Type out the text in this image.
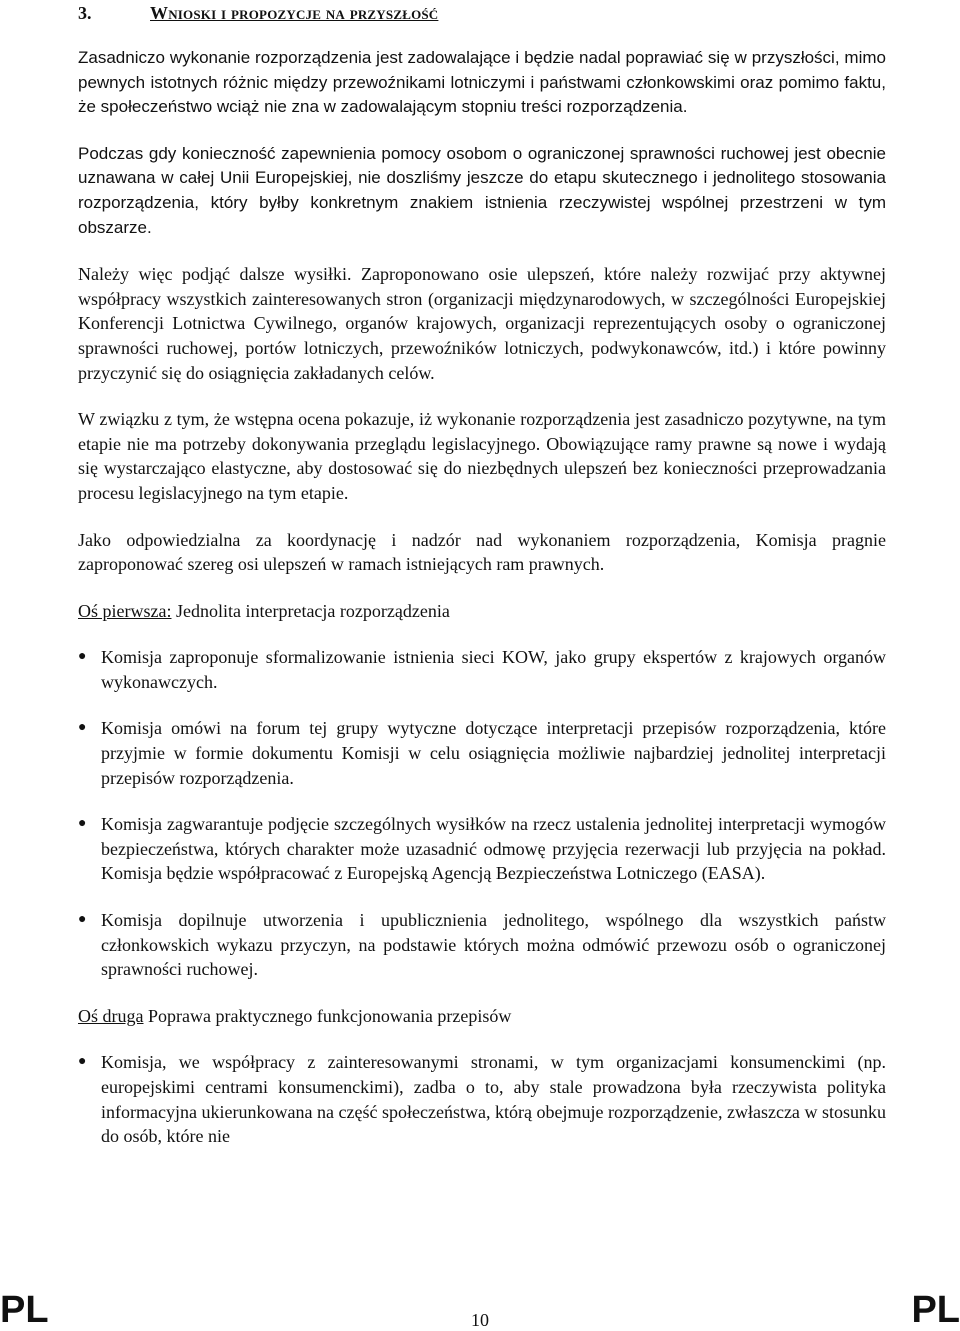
3.	Wnioski i propozycje na przyszłość

Zasadniczo wykonanie rozporządzenia jest zadowalające i będzie nadal poprawiać się w przyszłości, mimo pewnych istotnych różnic między przewoźnikami lotniczymi i państwami członkowskimi oraz pomimo faktu, że społeczeństwo wciąż nie zna w zadowalającym stopniu treści rozporządzenia.

Podczas gdy konieczność zapewnienia pomocy osobom o ograniczonej sprawności ruchowej jest obecnie uznawana w całej Unii Europejskiej, nie doszliśmy jeszcze do etapu skutecznego i jednolitego stosowania rozporządzenia, który byłby konkretnym znakiem istnienia rzeczywistej wspólnej przestrzeni w tym obszarze.

Należy więc podjąć dalsze wysiłki. Zaproponowano osie ulepszeń, które należy rozwijać przy aktywnej współpracy wszystkich zainteresowanych stron (organizacji międzynarodowych, w szczególności Europejskiej Konferencji Lotnictwa Cywilnego, organów krajowych, organizacji reprezentujących osoby o ograniczonej sprawności ruchowej, portów lotniczych, przewoźników lotniczych, podwykonawców, itd.) i które powinny przyczynić się do osiągnięcia zakładanych celów.

W związku z tym, że wstępna ocena pokazuje, iż wykonanie rozporządzenia jest zasadniczo pozytywne, na tym etapie nie ma potrzeby dokonywania przeglądu legislacyjnego. Obowiązujące ramy prawne są nowe i wydają się wystarczająco elastyczne, aby dostosować się do niezbędnych ulepszeń bez konieczności przeprowadzania procesu legislacyjnego na tym etapie.

Jako odpowiedzialna za koordynację i nadzór nad wykonaniem rozporządzenia, Komisja pragnie zaproponować szereg osi ulepszeń w ramach istniejących ram prawnych.

Oś pierwsza: Jednolita interpretacja rozporządzenia
● Komisja zaproponuje sformalizowanie istnienia sieci KOW, jako grupy ekspertów z krajowych organów wykonawczych.
● Komisja omówi na forum tej grupy wytyczne dotyczące interpretacji przepisów rozporządzenia, które przyjmie w formie dokumentu Komisji w celu osiągnięcia możliwie najbardziej jednolitej interpretacji przepisów rozporządzenia.
● Komisja zagwarantuje podjęcie szczególnych wysiłków na rzecz ustalenia jednolitej interpretacji wymogów bezpieczeństwa, których charakter może uzasadnić odmowę przyjęcia rezerwacji lub przyjęcia na pokład. Komisja będzie współpracować z Europejską Agencją Bezpieczeństwa Lotniczego (EASA).
● Komisja dopilnuje utworzenia i upublicznienia jednolitego, wspólnego dla wszystkich państw członkowskich wykazu przyczyn, na podstawie których można odmówić przewozu osób o ograniczonej sprawności ruchowej.
Oś druga Poprawa praktycznego funkcjonowania przepisów
● Komisja, we współpracy z zainteresowanymi stronami, w tym organizacjami konsumenckimi (np. europejskimi centrami konsumenckimi), zadba o to, aby stale prowadzona była rzeczywista polityka informacyjna ukierunkowana na część społeczeństwa, którą obejmuje rozporządzenie, zwłaszcza w stosunku do osób, które nie
PL	10	PL
